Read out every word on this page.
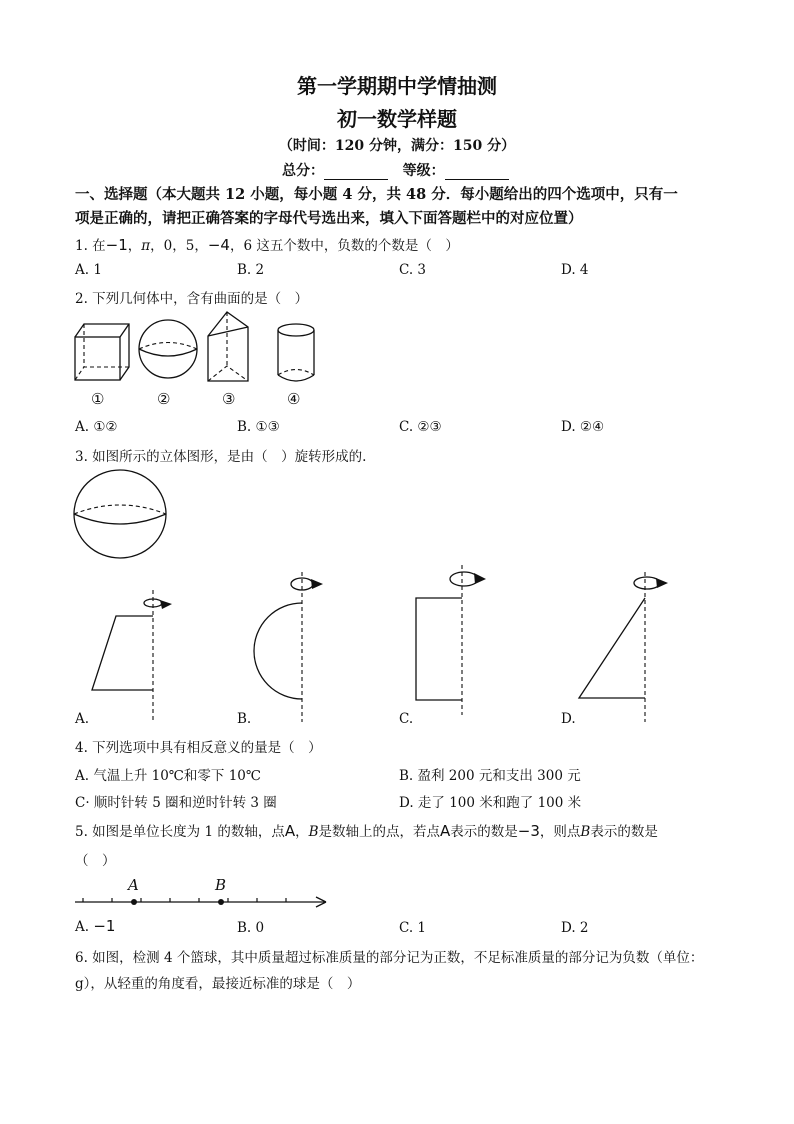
第一学期期中学情抽测
初一数学样题
（时间：120 分钟，满分：150 分）
总分：	等级：
一、选择题（本大题共 12 小题，每小题 4 分，共 48 分．每小题给出的四个选项中，只有一
项是正确的，请把正确答案的字母代号选出来，填入下面答题栏中的对应位置）
1. 在−1，π，0，5，−4，6 这五个数中，负数的个数是（　）
A. 1	B. 2	C. 3	D. 4
2. 下列几何体中，含有曲面的是（　）
①	②	③	④
A. ①②	B. ①③	C. ②③	D. ②④
3. 如图所示的立体图形，是由（　）旋转形成的.
A.	B.	C.	D.
4. 下列选项中具有相反意义的量是（　）
A. 气温上升 10℃和零下 10℃	B. 盈利 200 元和支出 300 元
C· 顺时针转 5 圈和逆时针转 3 圈	D. 走了 100 米和跑了 100 米
5. 如图是单位长度为 1 的数轴，点A，B是数轴上的点，若点A表示的数是−3，则点B表示的数是
（　）
A	B
A. −1	B. 0	C. 1	D. 2
6. 如图，检测 4 个篮球，其中质量超过标准质量的部分记为正数，不足标准质量的部分记为负数（单位：
g），从轻重的角度看，最接近标准的球是（　）
